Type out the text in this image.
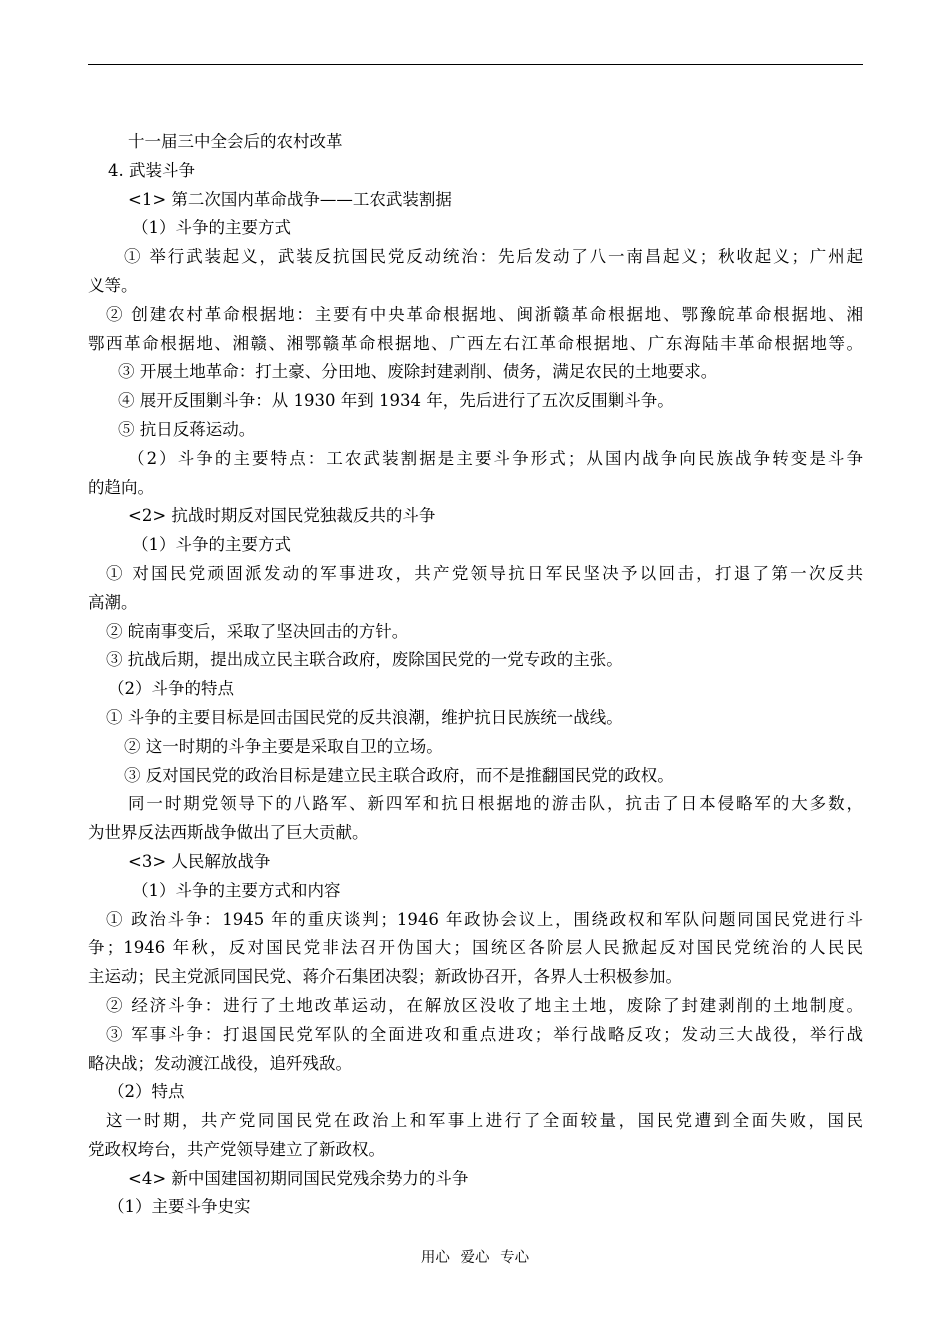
十一届三中全会后的农村改革
4. 武装斗争
<1> 第二次国内革命战争——工农武装割据
（1）斗争的主要方式
① 举行武装起义，武装反抗国民党反动统治：先后发动了八一南昌起义；秋收起义；广州起
义等。
② 创建农村革命根据地：主要有中央革命根据地、闽浙赣革命根据地、鄂豫皖革命根据地、湘
鄂西革命根据地、湘赣、湘鄂赣革命根据地、广西左右江革命根据地、广东海陆丰革命根据地等。
③ 开展土地革命：打土豪、分田地、废除封建剥削、债务，满足农民的土地要求。
④ 展开反围剿斗争：从 1930 年到 1934 年，先后进行了五次反围剿斗争。
⑤ 抗日反蒋运动。
（2）斗争的主要特点：工农武装割据是主要斗争形式；从国内战争向民族战争转变是斗争
的趋向。
<2> 抗战时期反对国民党独裁反共的斗争
（1）斗争的主要方式
① 对国民党顽固派发动的军事进攻，共产党领导抗日军民坚决予以回击，打退了第一次反共
高潮。
② 皖南事变后，采取了坚决回击的方针。
③ 抗战后期，提出成立民主联合政府，废除国民党的一党专政的主张。
（2）斗争的特点
① 斗争的主要目标是回击国民党的反共浪潮，维护抗日民族统一战线。
② 这一时期的斗争主要是采取自卫的立场。
③ 反对国民党的政治目标是建立民主联合政府，而不是推翻国民党的政权。
同一时期党领导下的八路军、新四军和抗日根据地的游击队，抗击了日本侵略军的大多数，
为世界反法西斯战争做出了巨大贡献。
<3> 人民解放战争
（1）斗争的主要方式和内容
① 政治斗争：1945 年的重庆谈判；1946 年政协会议上，围绕政权和军队问题同国民党进行斗
争；1946 年秋，反对国民党非法召开伪国大；国统区各阶层人民掀起反对国民党统治的人民民
主运动；民主党派同国民党、蒋介石集团决裂；新政协召开，各界人士积极参加。
② 经济斗争：进行了土地改革运动，在解放区没收了地主土地，废除了封建剥削的土地制度。
③ 军事斗争：打退国民党军队的全面进攻和重点进攻；举行战略反攻；发动三大战役，举行战
略决战；发动渡江战役，追歼残敌。
（2）特点
这一时期，共产党同国民党在政治上和军事上进行了全面较量，国民党遭到全面失败，国民
党政权垮台，共产党领导建立了新政权。
<4> 新中国建国初期同国民党残余势力的斗争
（1）主要斗争史实
用心 爱心 专心
